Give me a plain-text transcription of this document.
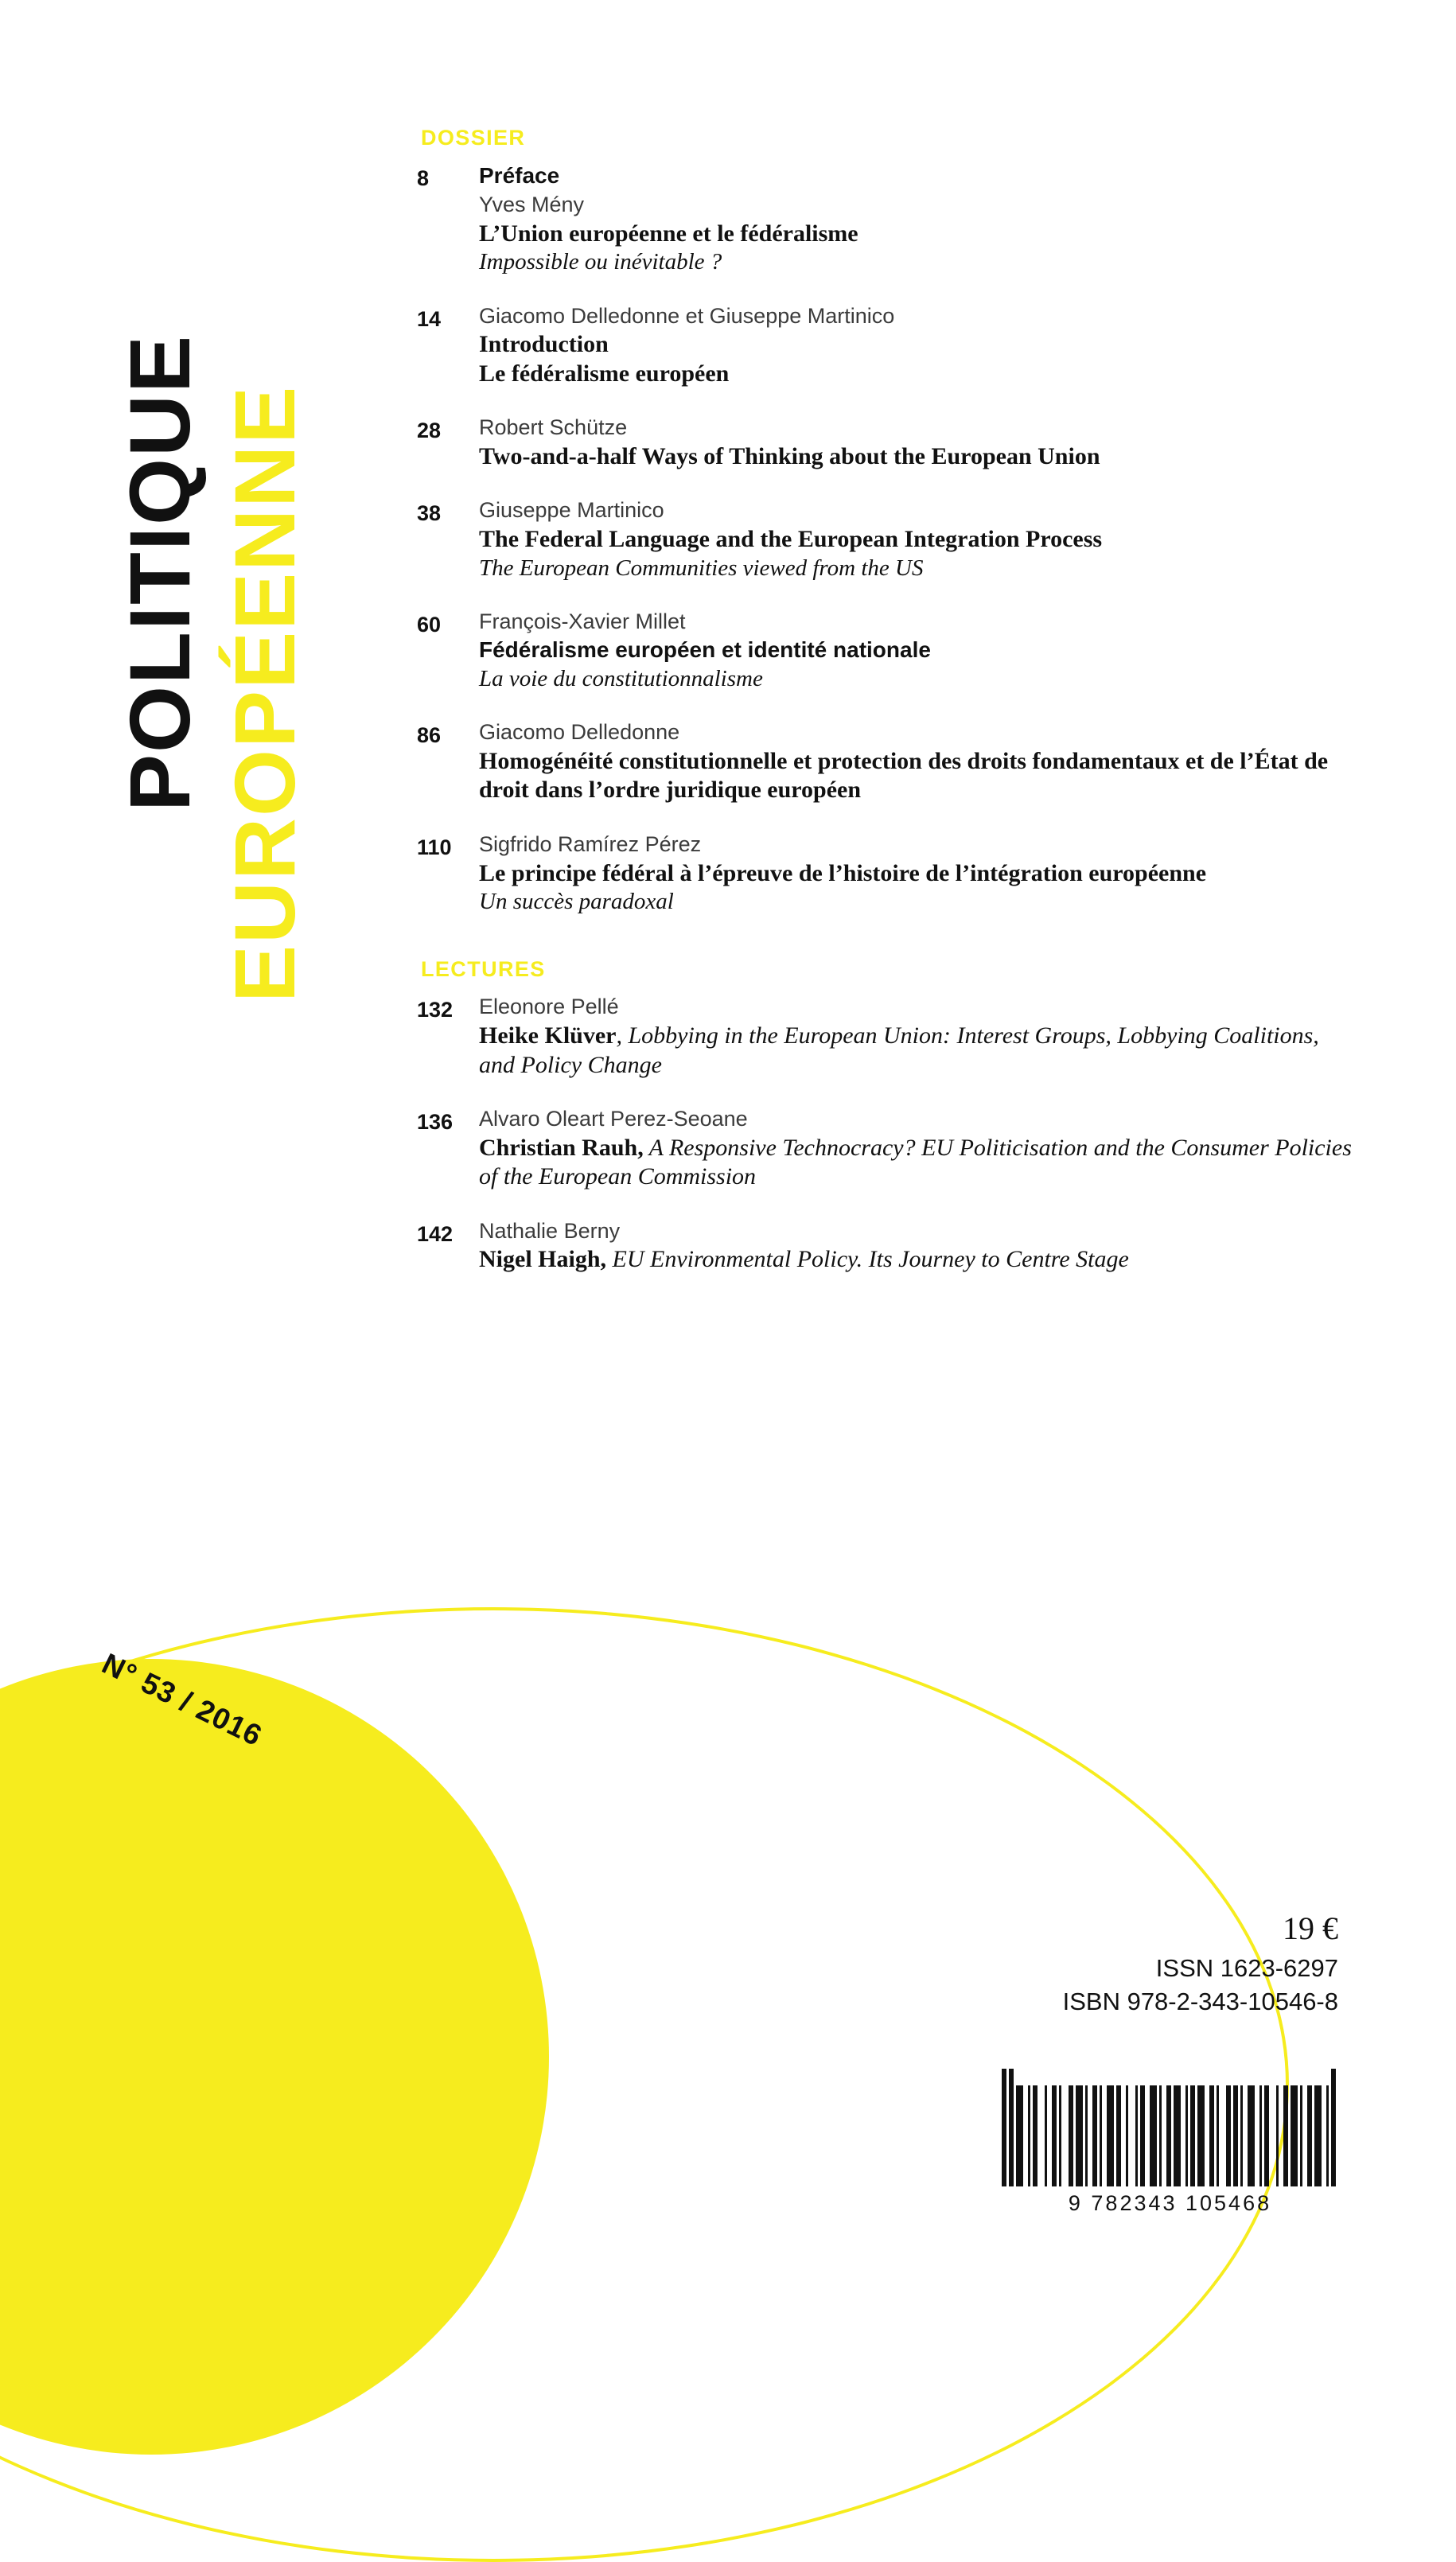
POLITIQUE EUROPÉENNE
N° 53 / 2016
DOSSIER
8	Préface
Yves Mény
L’Union européenne et le fédéralisme
Impossible ou inévitable ?
14	Giacomo Delledonne et Giuseppe Martinico
Introduction
Le fédéralisme européen
28	Robert Schütze
Two-and-a-half Ways of Thinking about the European Union
38	Giuseppe Martinico
The Federal Language and the European Integration Process
The European Communities viewed from the US
60	François-Xavier Millet
Fédéralisme européen et identité nationale
La voie du constitutionnalisme
86	Giacomo Delledonne
Homogénéité constitutionnelle et protection des droits fondamentaux et de l’État de droit dans l’ordre juridique européen
110	Sigfrido Ramírez Pérez
Le principe fédéral à l’épreuve de l’histoire de l’intégration européenne
Un succès paradoxal
LECTURES
132	Eleonore Pellé
Heike Klüver, Lobbying in the European Union: Interest Groups, Lobbying Coalitions, and Policy Change
136	Alvaro Oleart Perez-Seoane
Christian Rauh, A Responsive Technocracy? EU Politicisation and the Consumer Policies of the European Commission
142	Nathalie Berny
Nigel Haigh, EU Environmental Policy. Its Journey to Centre Stage
19 €
ISSN 1623-6297
ISBN 978-2-343-10546-8
9 782343 105468
